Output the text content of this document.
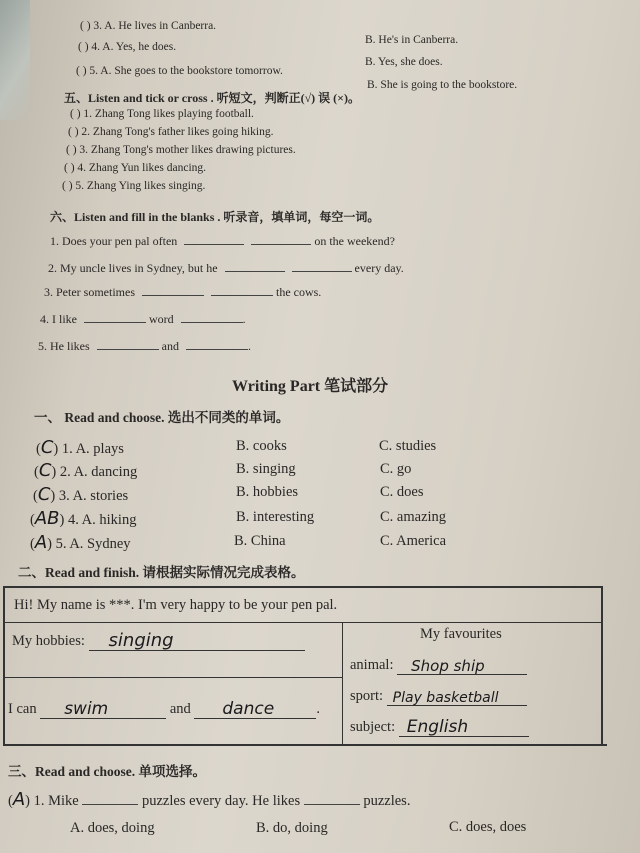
( ) 3. A. He lives in Canberra.
B. He's in Canberra.
( ) 4. A. Yes, he does.
B. Yes, she does.
( ) 5. A. She goes to the bookstore tomorrow.
B. She is going to the bookstore.
五、Listen and tick or cross . 听短文，判断正(√) 误 (×)。
( ) 1. Zhang Tong likes playing football.
( ) 2. Zhang Tong's father likes going hiking.
( ) 3. Zhang Tong's mother likes drawing pictures.
( ) 4. Zhang Yun likes dancing.
( ) 5. Zhang Ying likes singing.
六、Listen and fill in the blanks . 听录音，填单词，每空一词。
1. Does your pen pal often	on the weekend?
2. My uncle lives in Sydney, but he	every day.
3. Peter sometimes	the cows.
4. I like	word	.
5. He likes	and	.
Writing Part 笔试部分
一、 Read and choose. 选出不同类的单词。
(C) 1. A. plays	B. cooks	C. studies
(C) 2. A. dancing	B. singing	C. go
(C) 3. A. stories	B. hobbies	C. does
(AB) 4. A. hiking	B. interesting	C. amazing
(A) 5. A. Sydney	B. China	C. America
二、Read and finish. 请根据实际情况完成表格。
Hi! My name is ***. I'm very happy to be your pen pal.
My hobbies: singing

I can swim	and dance	.
My favourites
animal: Shop ship

sport: Play basketball

subject: English

三、Read and choose. 单项选择。
(A) 1. Mike	puzzles every day. He likes	puzzles.
A. does, doing	B. do, doing	C. does, does
